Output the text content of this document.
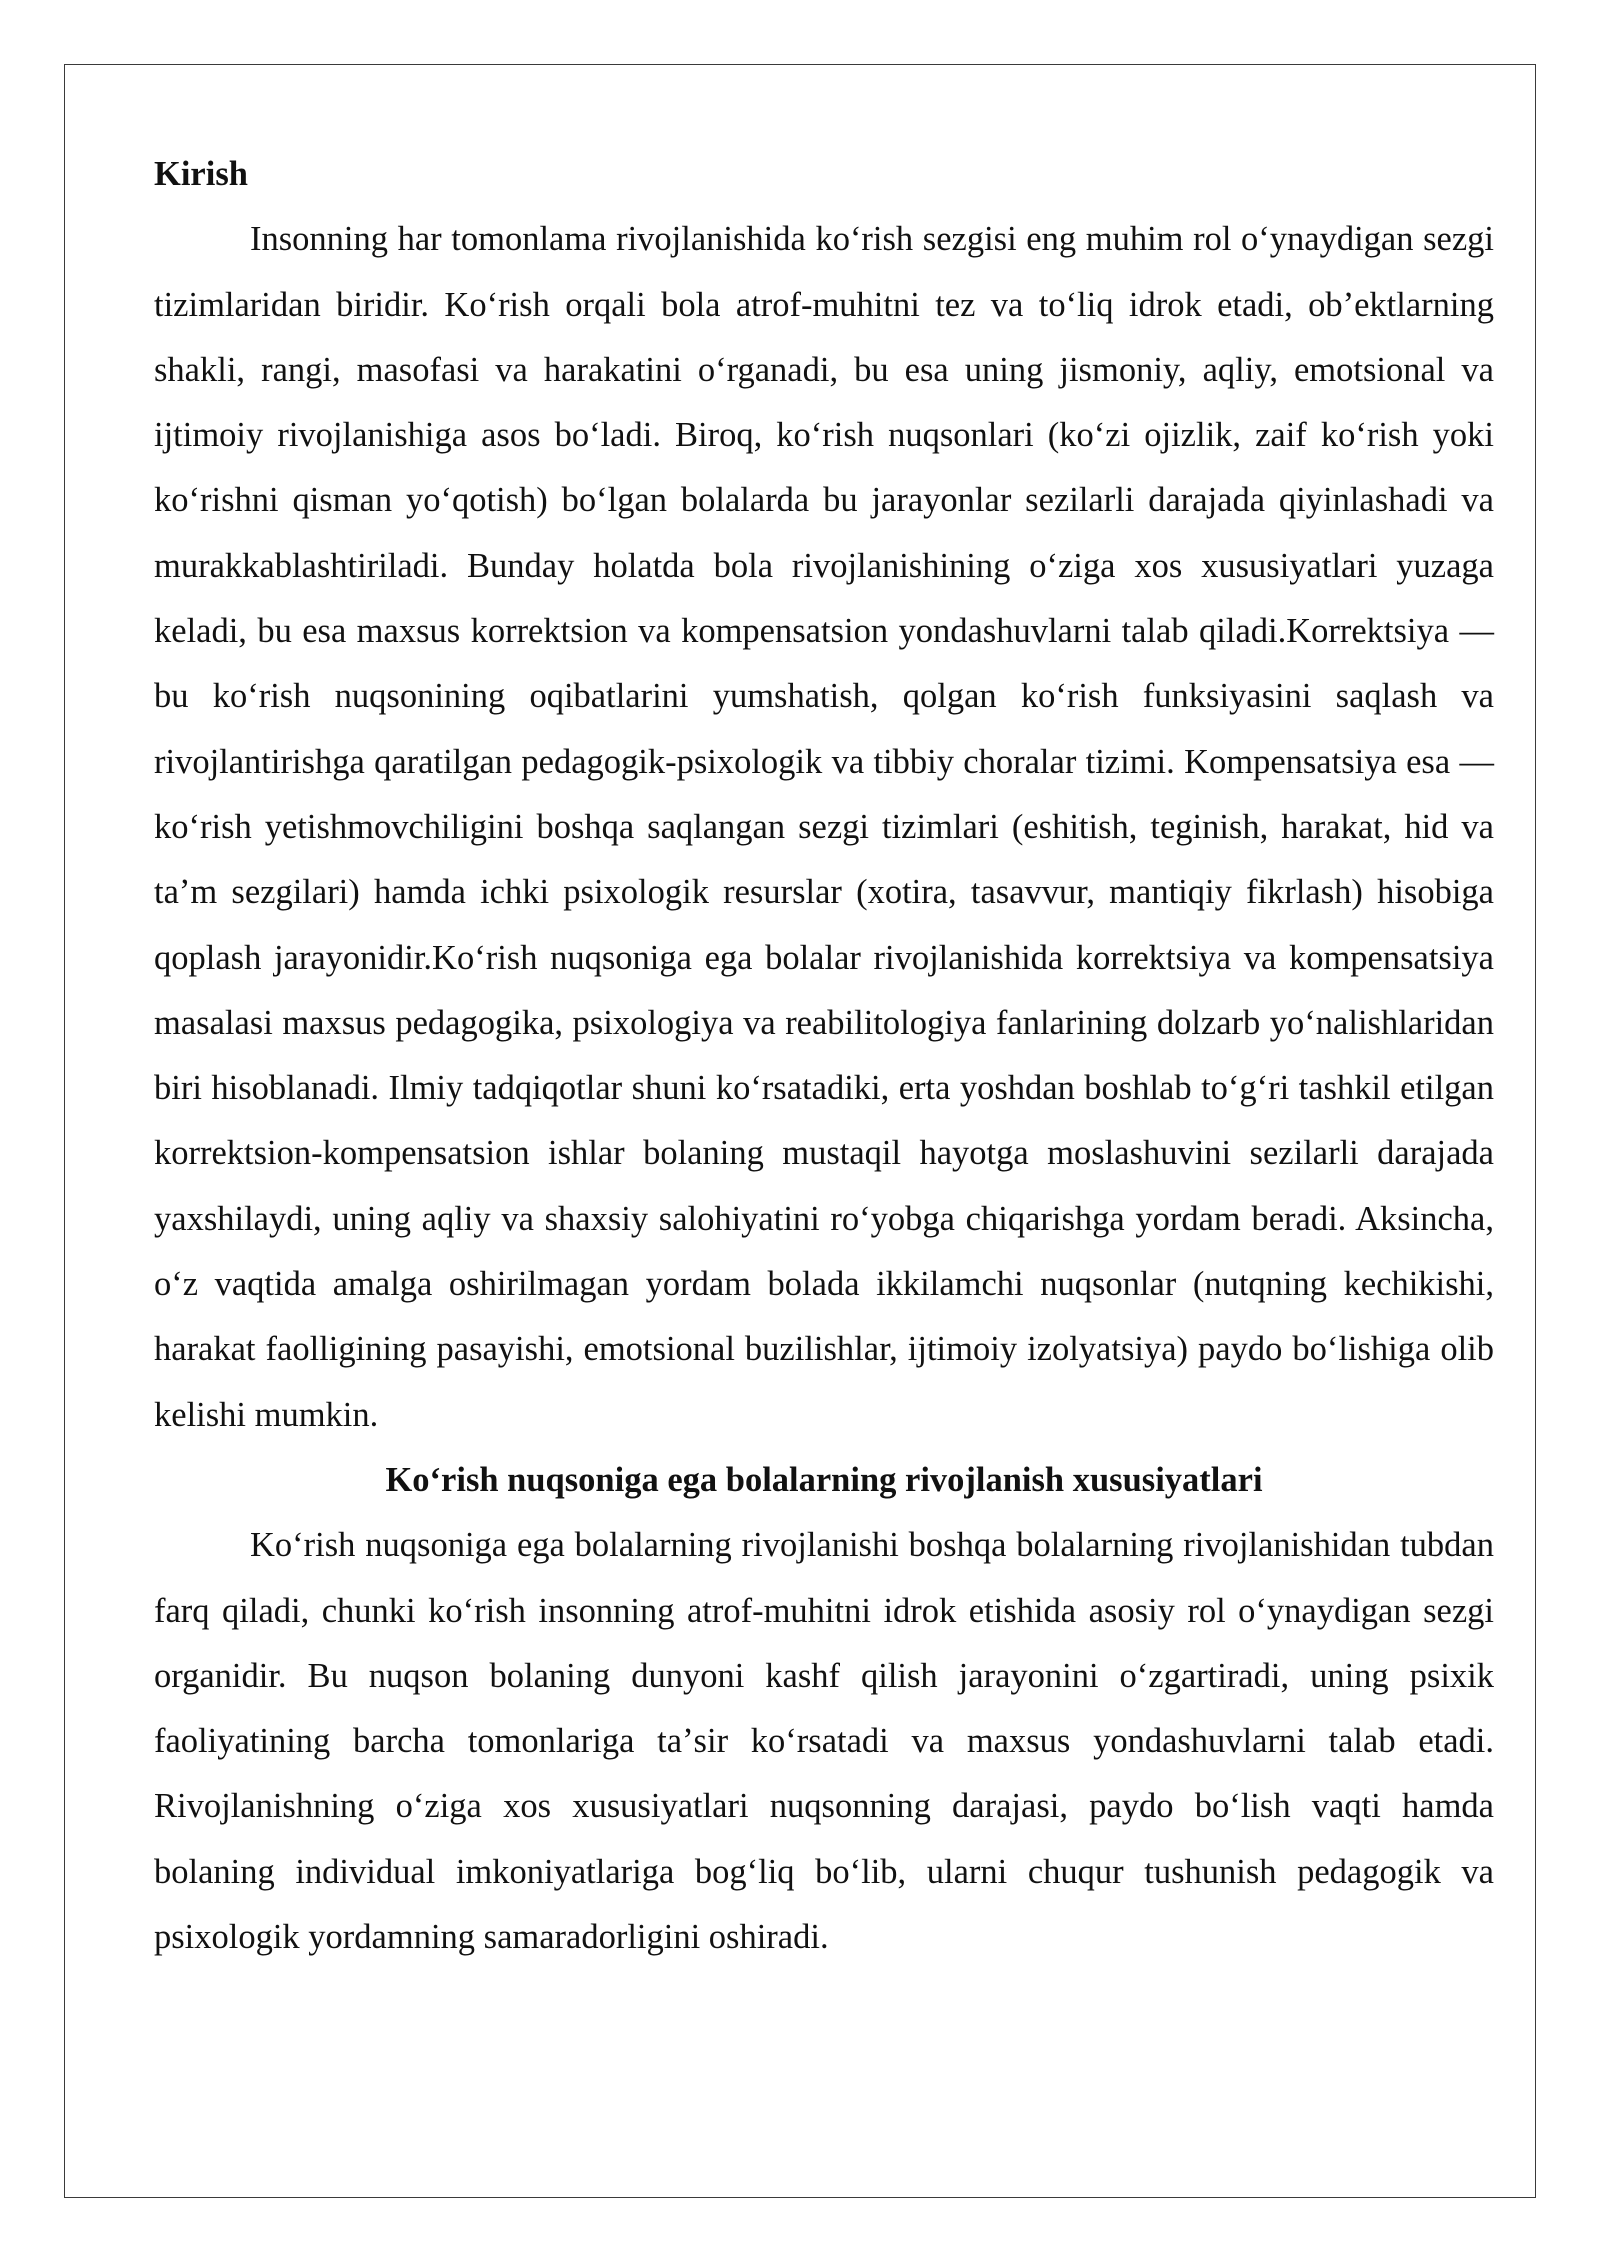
Kirish

Insonning har tomonlama rivojlanishida koʻrish sezgisi eng muhim rol oʻynaydigan sezgi tizimlaridan biridir. Koʻrish orqali bola atrof-muhitni tez va toʻliq idrok etadi, obʼektlarning shakli, rangi, masofasi va harakatini oʻrganadi, bu esa uning jismoniy, aqliy, emotsional va ijtimoiy rivojlanishiga asos boʻladi. Biroq, koʻrish nuqsonlari (koʻzi ojizlik, zaif koʻrish yoki koʻrishni qisman yoʻqotish) boʻlgan bolalarda bu jarayonlar sezilarli darajada qiyinlashadi va murakkablashtiriladi. Bunday holatda bola rivojlanishining oʻziga xos xususiyatlari yuzaga keladi, bu esa maxsus korrektsion va kompensatsion yondashuvlarni talab qiladi.Korrektsiya — bu koʻrish nuqsonining oqibatlarini yumshatish, qolgan koʻrish funksiyasini saqlash va rivojlantirishga qaratilgan pedagogik-psixologik va tibbiy choralar tizimi. Kompensatsiya esa — koʻrish yetishmovchiligini boshqa saqlangan sezgi tizimlari (eshitish, teginish, harakat, hid va taʼm sezgilari) hamda ichki psixologik resurslar (xotira, tasavvur, mantiqiy fikrlash) hisobiga qoplash jarayonidir.Koʻrish nuqsoniga ega bolalar rivojlanishida korrektsiya va kompensatsiya masalasi maxsus pedagogika, psixologiya va reabilitologiya fanlarining dolzarb yoʻnalishlaridan biri hisoblanadi. Ilmiy tadqiqotlar shuni koʻrsatadiki, erta yoshdan boshlab toʻgʻri tashkil etilgan korrektsion-kompensatsion ishlar bolaning mustaqil hayotga moslashuvini sezilarli darajada yaxshilaydi, uning aqliy va shaxsiy salohiyatini roʻyobga chiqarishga yordam beradi. Aksincha, oʻz vaqtida amalga oshirilmagan yordam bolada ikkilamchi nuqsonlar (nutqning kechikishi, harakat faolligining pasayishi, emotsional buzilishlar, ijtimoiy izolyatsiya) paydo boʻlishiga olib kelishi mumkin.

Koʻrish nuqsoniga ega bolalarning rivojlanish xususiyatlari

Koʻrish nuqsoniga ega bolalarning rivojlanishi boshqa bolalarning rivojlanishidan tubdan farq qiladi, chunki koʻrish insonning atrof-muhitni idrok etishida asosiy rol oʻynaydigan sezgi organidir. Bu nuqson bolaning dunyoni kashf qilish jarayonini oʻzgartiradi, uning psixik faoliyatining barcha tomonlariga taʼsir koʻrsatadi va maxsus yondashuvlarni talab etadi. Rivojlanishning oʻziga xos xususiyatlari nuqsonning darajasi, paydo boʻlish vaqti hamda bolaning individual imkoniyatlariga bogʻliq boʻlib, ularni chuqur tushunish pedagogik va psixologik yordamning samaradorligini oshiradi.
